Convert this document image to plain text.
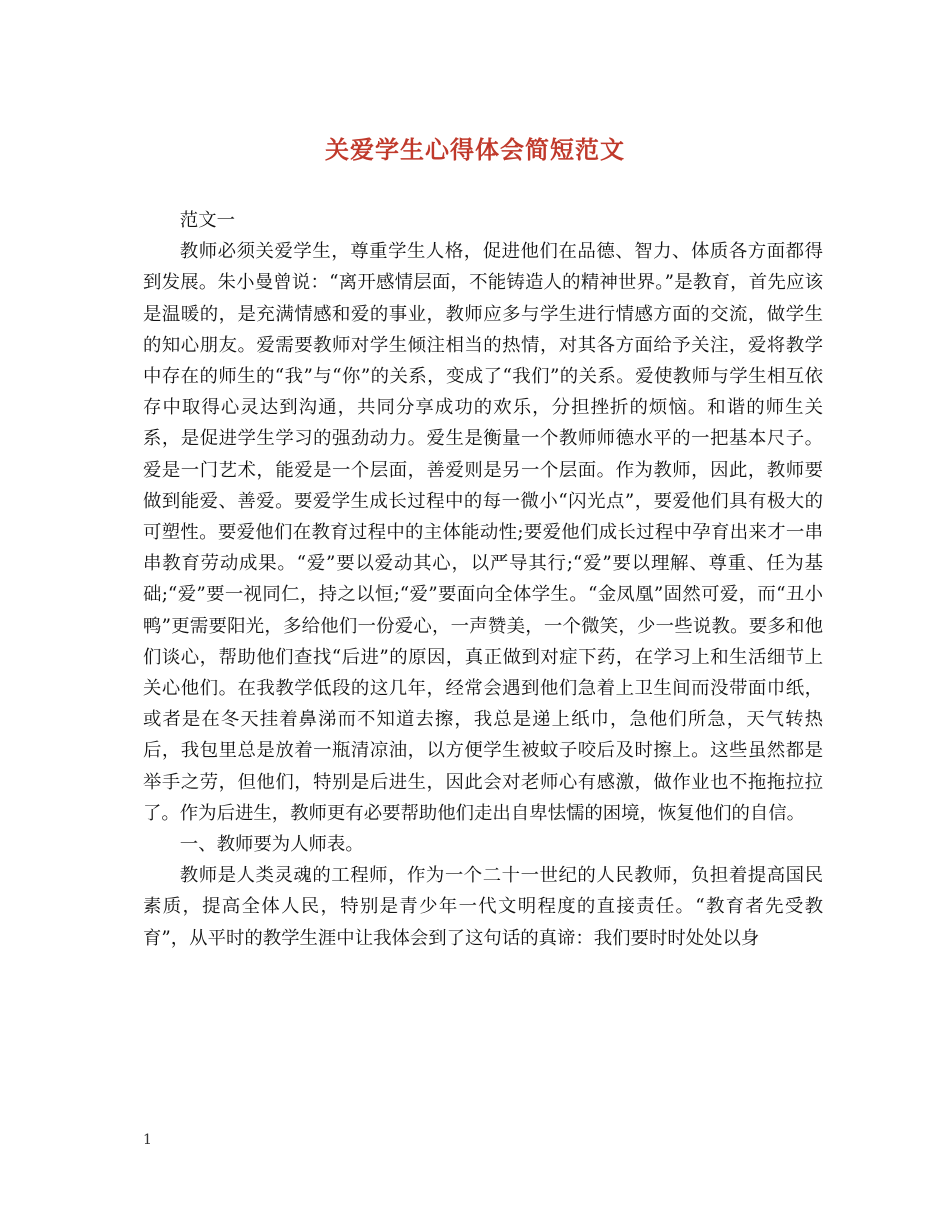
关爱学生心得体会简短范文

范文一

教师必须关爱学生，尊重学生人格，促进他们在品德、智力、体质各方面都得到发展。朱小曼曾说：“离开感情层面，不能铸造人的精神世界。”是教育，首先应该是温暖的，是充满情感和爱的事业，教师应多与学生进行情感方面的交流，做学生的知心朋友。爱需要教师对学生倾注相当的热情，对其各方面给予关注，爱将教学中存在的师生的“我”与“你”的关系，变成了“我们”的关系。爱使教师与学生相互依存中取得心灵达到沟通，共同分享成功的欢乐，分担挫折的烦恼。和谐的师生关系，是促进学生学习的强劲动力。爱生是衡量一个教师师德水平的一把基本尺子。爱是一门艺术，能爱是一个层面，善爱则是另一个层面。作为教师，因此，教师要做到能爱、善爱。要爱学生成长过程中的每一微小“闪光点”，要爱他们具有极大的可塑性。要爱他们在教育过程中的主体能动性;要爱他们成长过程中孕育出来才一串串教育劳动成果。“爱”要以爱动其心，以严导其行;“爱”要以理解、尊重、任为基础;“爱”要一视同仁，持之以恒;“爱”要面向全体学生。“金凤凰”固然可爱，而“丑小鸭”更需要阳光，多给他们一份爱心，一声赞美，一个微笑，少一些说教。要多和他们谈心，帮助他们查找“后进”的原因，真正做到对症下药，在学习上和生活细节上关心他们。在我教学低段的这几年，经常会遇到他们急着上卫生间而没带面巾纸，或者是在冬天挂着鼻涕而不知道去擦，我总是递上纸巾，急他们所急，天气转热后，我包里总是放着一瓶清凉油，以方便学生被蚊子咬后及时擦上。这些虽然都是举手之劳，但他们，特别是后进生，因此会对老师心有感激，做作业也不拖拖拉拉了。作为后进生，教师更有必要帮助他们走出自卑怯懦的困境，恢复他们的自信。

一、教师要为人师表。

教师是人类灵魂的工程师，作为一个二十一世纪的人民教师，负担着提高国民素质，提高全体人民，特别是青少年一代文明程度的直接责任。“教育者先受教育”，从平时的教学生涯中让我体会到了这句话的真谛：我们要时时处处以身

1
